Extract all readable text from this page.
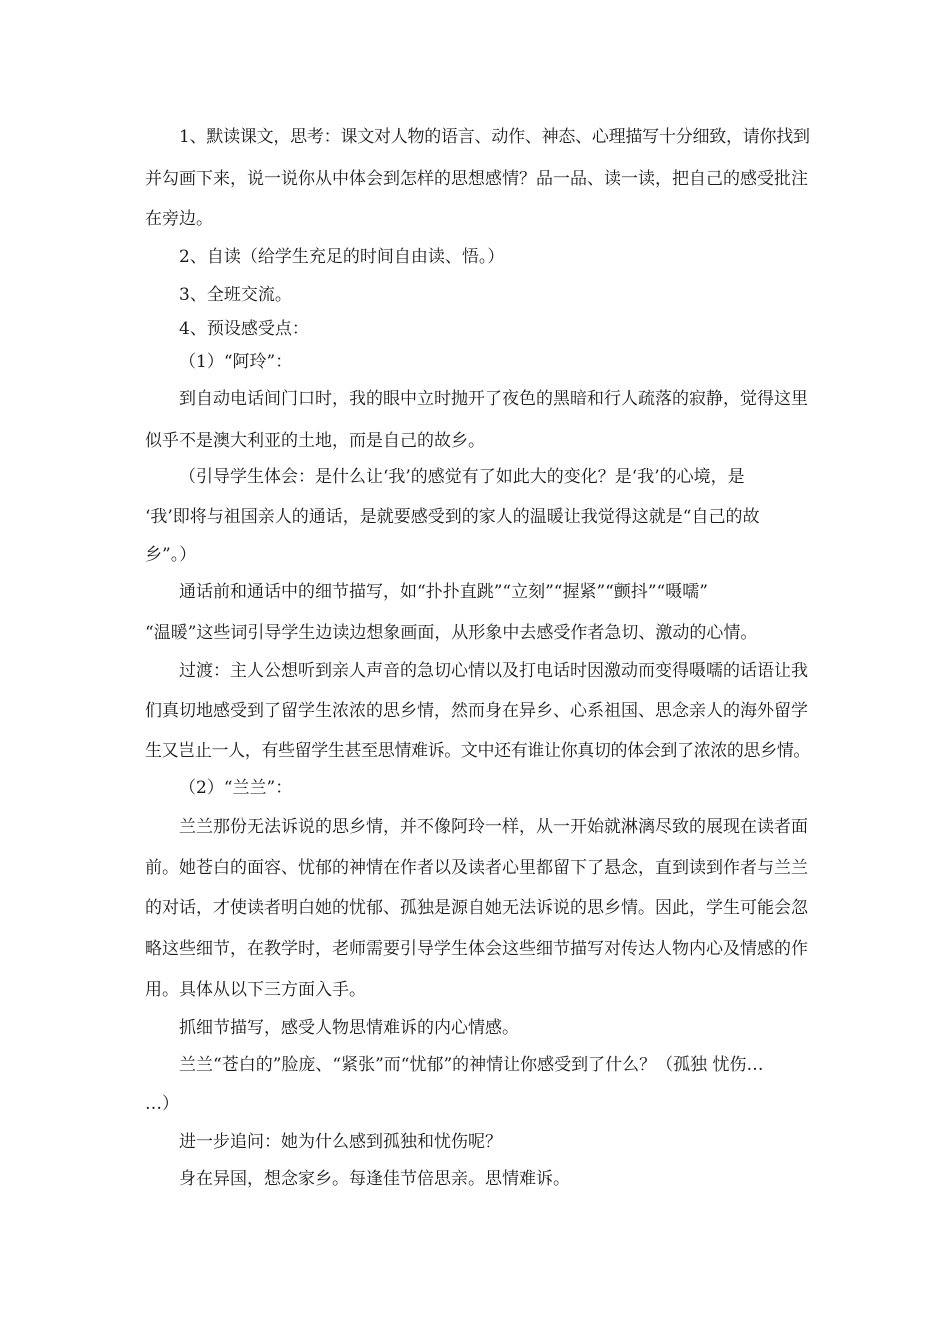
1、默读课文，思考：课文对人物的语言、动作、神态、心理描写十分细致，请你找到

并勾画下来，说一说你从中体会到怎样的思想感情？品一品、读一读，把自己的感受批注

在旁边。

2、自读（给学生充足的时间自由读、悟。）

3、全班交流。

4、预设感受点：

（1）“阿玲”：

到自动电话间门口时，我的眼中立时抛开了夜色的黑暗和行人疏落的寂静，觉得这里

似乎不是澳大利亚的土地，而是自己的故乡。

（引导学生体会：是什么让‘我’的感觉有了如此大的变化？是‘我’的心境，是

‘我’即将与祖国亲人的通话，是就要感受到的家人的温暖让我觉得这就是“自己的故

乡”。）

通话前和通话中的细节描写，如“扑扑直跳”“立刻”“握紧”“颤抖”“嗫嚅”

“温暖”这些词引导学生边读边想象画面，从形象中去感受作者急切、激动的心情。

过渡：主人公想听到亲人声音的急切心情以及打电话时因激动而变得嗫嚅的话语让我

们真切地感受到了留学生浓浓的思乡情，然而身在异乡、心系祖国、思念亲人的海外留学

生又岂止一人，有些留学生甚至思情难诉。文中还有谁让你真切的体会到了浓浓的思乡情。

（2）“兰兰”：

兰兰那份无法诉说的思乡情，并不像阿玲一样，从一开始就淋漓尽致的展现在读者面

前。她苍白的面容、忧郁的神情在作者以及读者心里都留下了悬念，直到读到作者与兰兰

的对话，才使读者明白她的忧郁、孤独是源自她无法诉说的思乡情。因此，学生可能会忽

略这些细节，在教学时，老师需要引导学生体会这些细节描写对传达人物内心及情感的作

用。具体从以下三方面入手。

抓细节描写，感受人物思情难诉的内心情感。

兰兰“苍白的”脸庞、“紧张”而“忧郁”的神情让你感受到了什么？（孤独 忧伤…

…）

进一步追问：她为什么感到孤独和忧伤呢？

身在异国，想念家乡。每逢佳节倍思亲。思情难诉。
